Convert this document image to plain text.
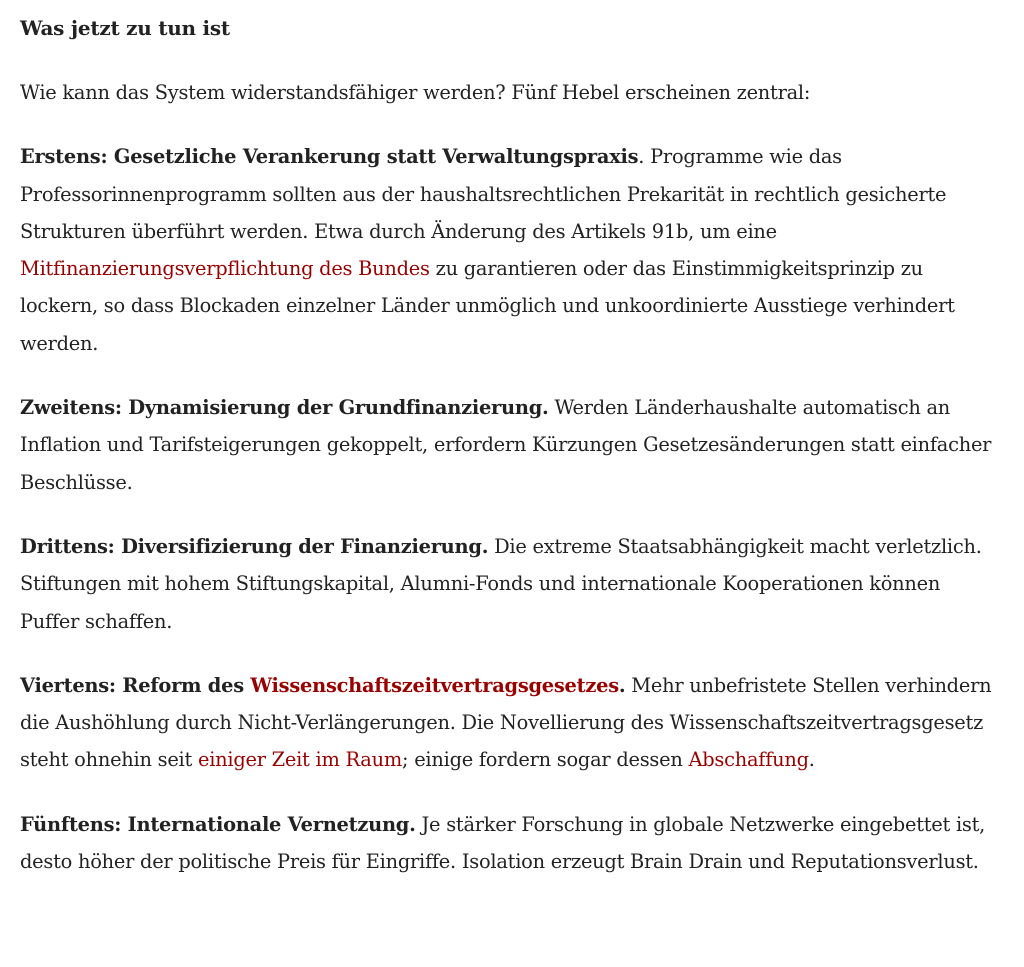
Was jetzt zu tun ist

Wie kann das System widerstandsfähiger werden? Fünf Hebel erscheinen zentral:

Erstens: Gesetzliche Verankerung statt Verwaltungspraxis. Programme wie das Professorinnenprogramm sollten aus der haushaltsrechtlichen Prekarität in rechtlich gesicherte Strukturen überführt werden. Etwa durch Änderung des Artikels 91b, um eine Mitfinanzierungsverpflichtung des Bundes zu garantieren oder das Einstimmigkeitsprinzip zu lockern, so dass Blockaden einzelner Länder unmöglich und unkoordinierte Ausstiege verhindert werden.

Zweitens: Dynamisierung der Grundfinanzierung. Werden Länderhaushalte automatisch an Inflation und Tarifsteigerungen gekoppelt, erfordern Kürzungen Gesetzesänderungen statt einfacher Beschlüsse.

Drittens: Diversifizierung der Finanzierung. Die extreme Staatsabhängigkeit macht verletzlich. Stiftungen mit hohem Stiftungskapital, Alumni-Fonds und internationale Kooperationen können Puffer schaffen.

Viertens: Reform des Wissenschaftszeitvertragsgesetzes. Mehr unbefristete Stellen verhindern die Aushöhlung durch Nicht-Verlängerungen. Die Novellierung des Wissenschaftszeitvertragsgesetz steht ohnehin seit einiger Zeit im Raum; einige fordern sogar dessen Abschaffung.

Fünftens: Internationale Vernetzung. Je stärker Forschung in globale Netzwerke eingebettet ist, desto höher der politische Preis für Eingriffe. Isolation erzeugt Brain Drain und Reputationsverlust.
